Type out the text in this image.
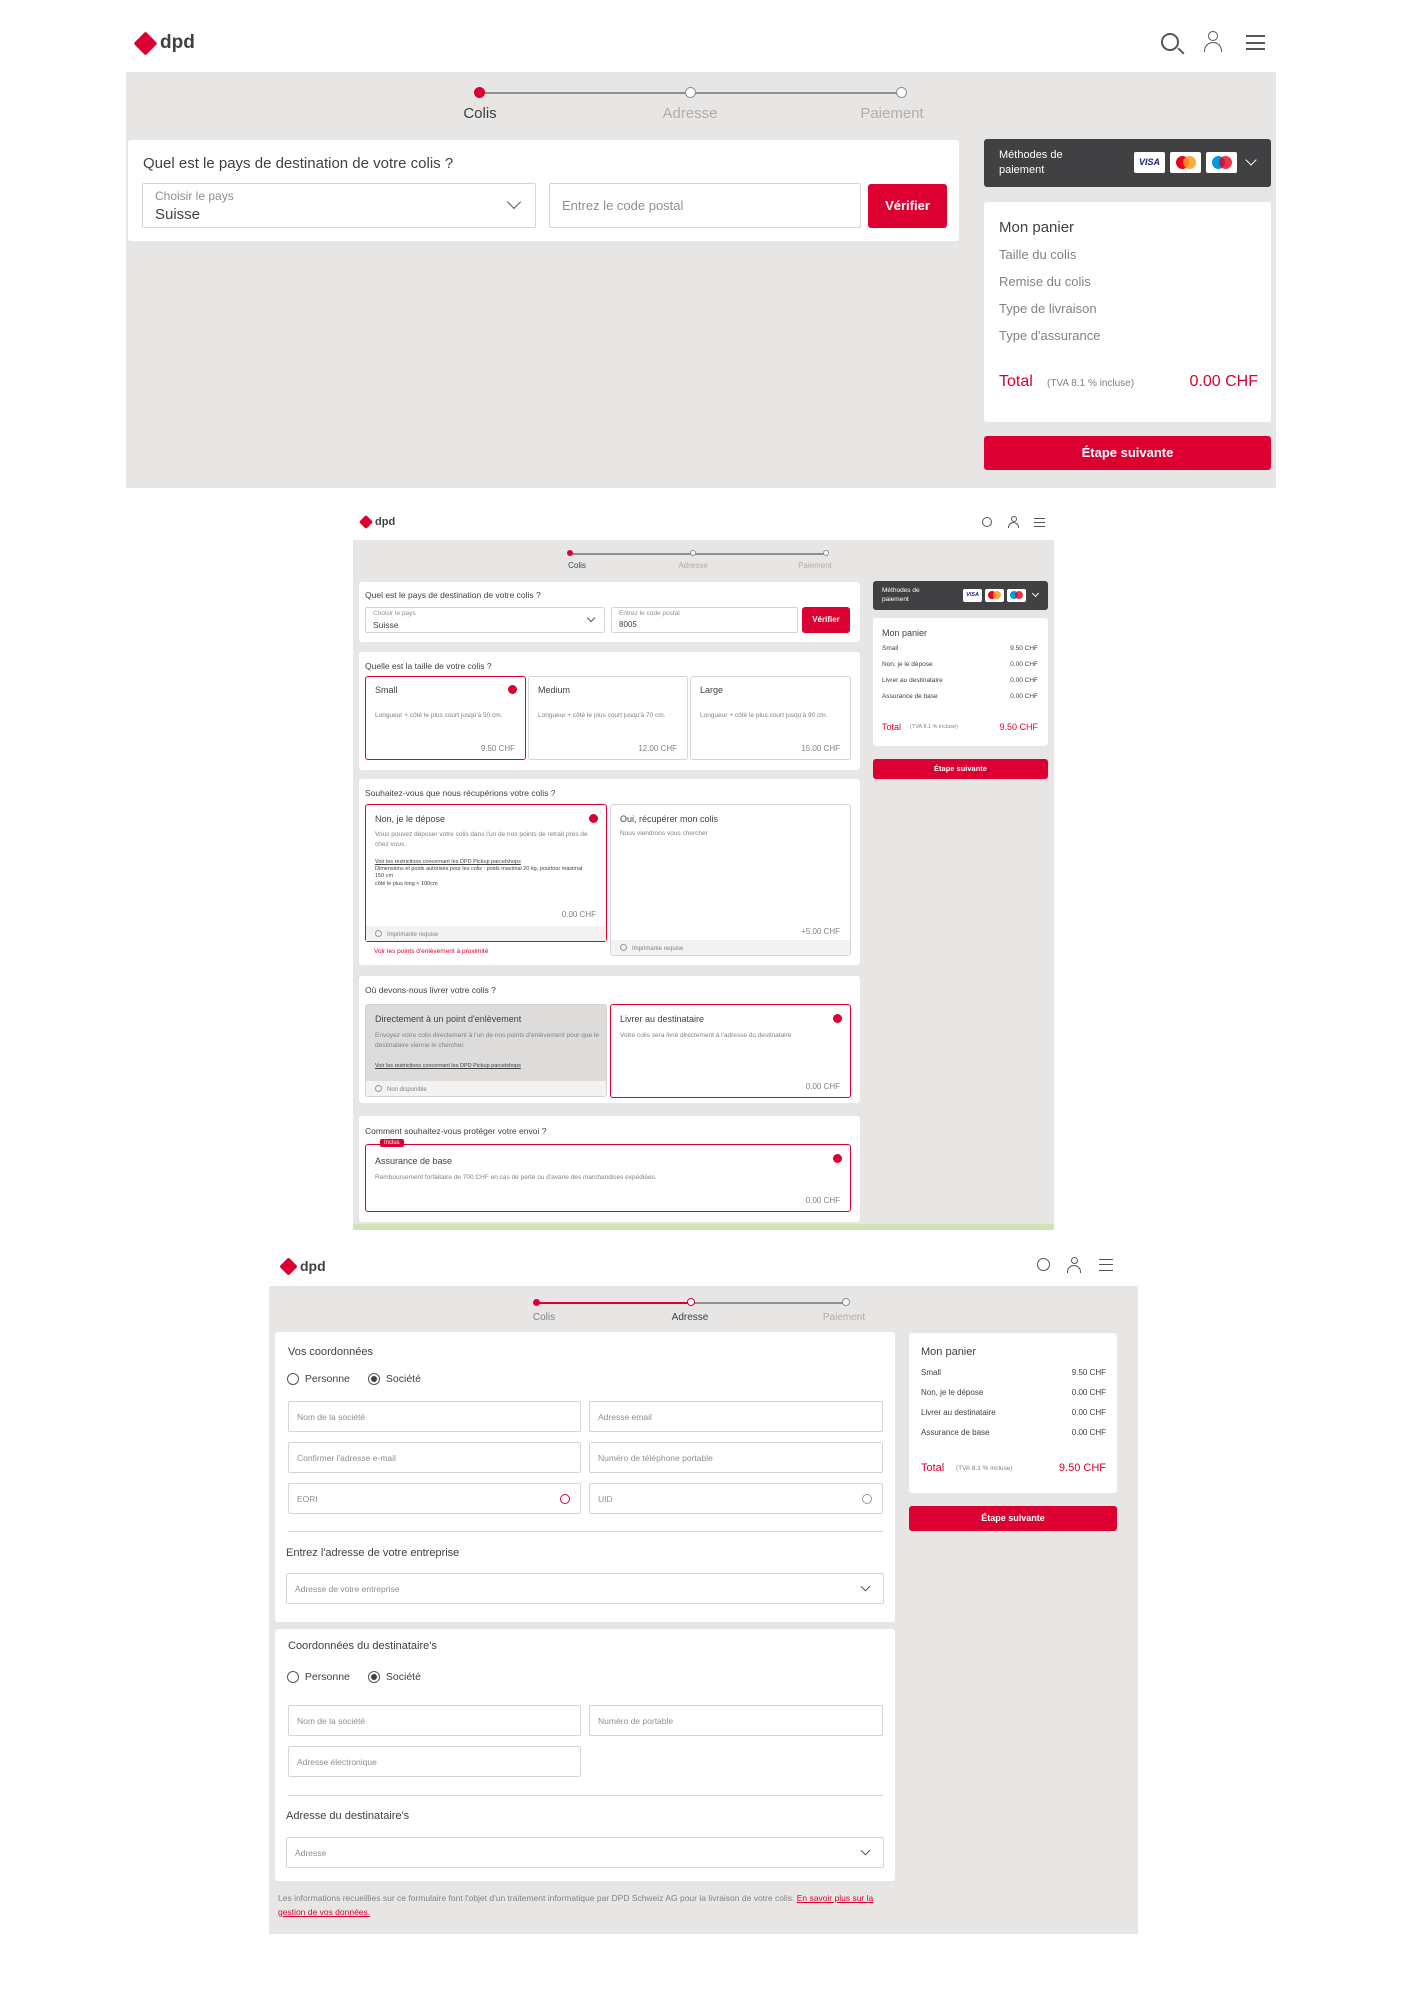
dpd
Colis	Adresse	Paiement
Quel est le pays de destination de votre colis ?
Choisir le pays
Suisse
Entrez le code postal	Vérifier
Méthodes de paiement
VISA
Mon panier
Taille du colis
Remise du colis
Type de livraison
Type d'assurance
Total (TVA 8.1 % incluse)	0.00 CHF
Étape suivante
dpd
Colis	Adresse	Paiement
Quel est le pays de destination de votre colis ?
Choisir le pays
Suisse
Entrez le code postal
8005
Vérifier
Quelle est la taille de votre colis ?
Small
Longueur + côté le plus court jusqu'à 50 cm.
9.50 CHF
Medium
Longueur + côté le plus court jusqu'à 70 cm.
12.00 CHF
Large
Longueur + côté le plus court jusqu'à 90 cm.
15.00 CHF
Souhaitez-vous que nous récupérions votre colis ?
Non, je le dépose
Vous pouvez déposer votre colis dans l'un de nos points de retrait près de chez vous.
Voir les restrictions concernant les DPD Pickup parcelshops
Dimensions et poids autorisés pour les colis : poids maximal 20 kg, pourtour maximal 150 cm
côté le plus long < 100cm
0.00 CHF
Imprimante requise
Oui, récupérer mon colis
Nous viendrons vous chercher
+5.00 CHF
Imprimante requise
Voir les points d'enlèvement à proximité
Où devons-nous livrer votre colis ?
Directement à un point d'enlèvement
Envoyez votre colis directement à l'un de nos points d'enlèvement pour que le destinataire vienne le chercher.
Voir les restrictions concernant les DPD Pickup parcelshops
Non disponible
Livrer au destinataire
Votre colis sera livré directement à l'adresse du destinataire
0.00 CHF
Comment souhaitez-vous protéger votre envoi ?
Inclus
Assurance de base
Remboursement forfaitaire de 700 CHF en cas de perte ou d'avarie des marchandises expédiées.
0.00 CHF
Méthodes de paiement
VISA
Mon panier
Small	9.50 CHF
Non, je le dépose	0.00 CHF
Livrer au destinataire	0.00 CHF
Assurance de base	0.00 CHF
Total (TVA 8.1 % incluse)	9.50 CHF
Étape suivante
dpd
Colis	Adresse	Paiement
Vos coordonnées
Personne	Société
Nom de la société	Adresse email
Confirmer l'adresse e-mail	Numéro de téléphone portable
EORI	UID
Entrez l'adresse de votre entreprise
Adresse de votre entreprise
Coordonnées du destinataire's
Personne	Société
Nom de la société	Numéro de portable
Adresse électronique
Adresse du destinataire's
Adresse
Les informations recueillies sur ce formulaire font l'objet d'un traitement informatique par DPD Schweiz AG pour la livraison de votre colis. En savoir plus sur la gestion de vos données.
Mon panier
Small	9.50 CHF
Non, je le dépose	0.00 CHF
Livrer au destinataire	0.00 CHF
Assurance de base	0.00 CHF
Total (TVA 8.1 % incluse)	9.50 CHF
Étape suivante
